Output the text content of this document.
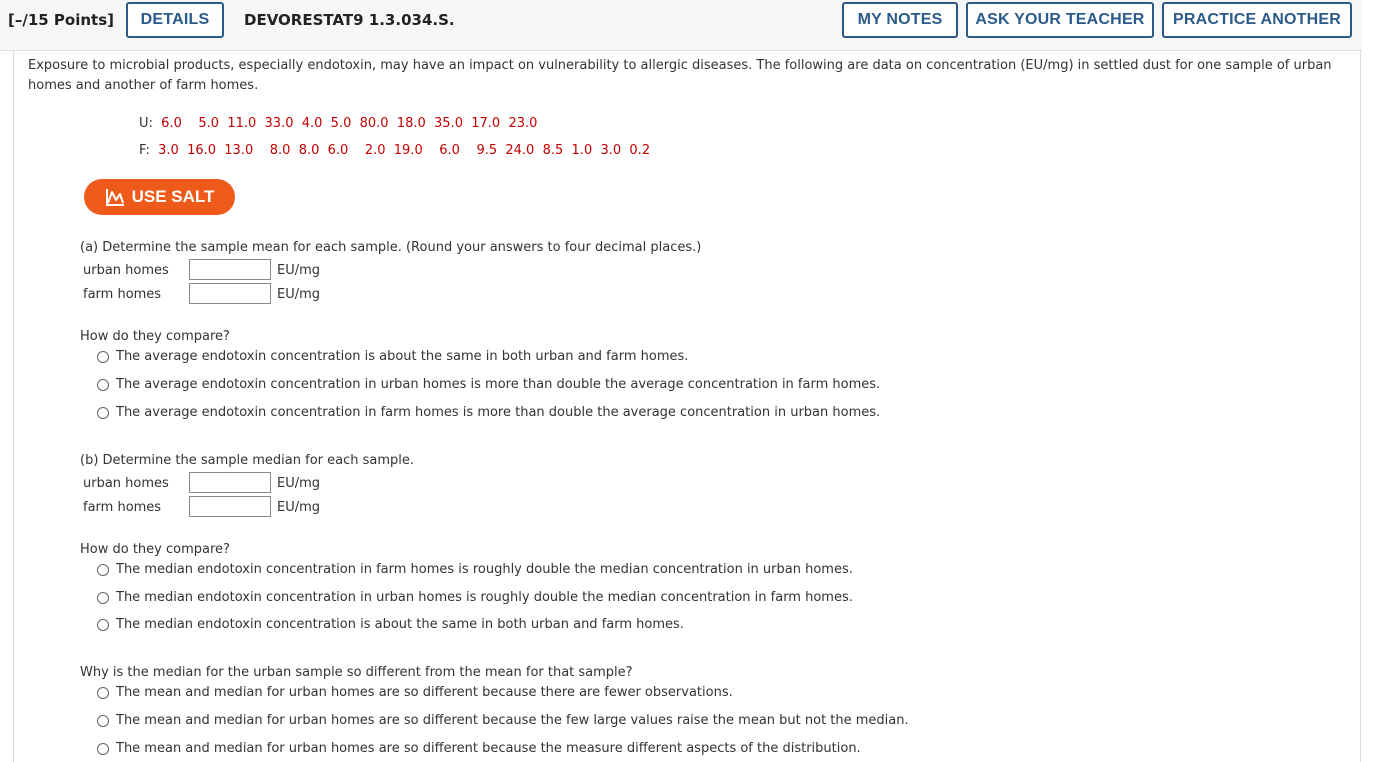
[–/15 Points]	DETAILS	DEVORESTAT9 1.3.034.S.	MY NOTES	ASK YOUR TEACHER	PRACTICE ANOTHER
Exposure to microbial products, especially endotoxin, may have an impact on vulnerability to allergic diseases. The following are data on concentration (EU/mg) in settled dust for one sample of urban homes and another of farm homes.
U: 6.0    5.0  11.0  33.0  4.0  5.0  80.0  18.0  35.0  17.0  23.0
F: 3.0  16.0  13.0    8.0  8.0  6.0    2.0  19.0    6.0    9.5  24.0  8.5  1.0  3.0  0.2
USE SALT
(a) Determine the sample mean for each sample. (Round your answers to four decimal places.)
urban homes	EU/mg
farm homes	EU/mg
How do they compare?
The average endotoxin concentration is about the same in both urban and farm homes.
The average endotoxin concentration in urban homes is more than double the average concentration in farm homes.
The average endotoxin concentration in farm homes is more than double the average concentration in urban homes.
(b) Determine the sample median for each sample.
urban homes	EU/mg
farm homes	EU/mg
How do they compare?
The median endotoxin concentration in farm homes is roughly double the median concentration in urban homes.
The median endotoxin concentration in urban homes is roughly double the median concentration in farm homes.
The median endotoxin concentration is about the same in both urban and farm homes.
Why is the median for the urban sample so different from the mean for that sample?
The mean and median for urban homes are so different because there are fewer observations.
The mean and median for urban homes are so different because the few large values raise the mean but not the median.
The mean and median for urban homes are so different because the measure different aspects of the distribution.
